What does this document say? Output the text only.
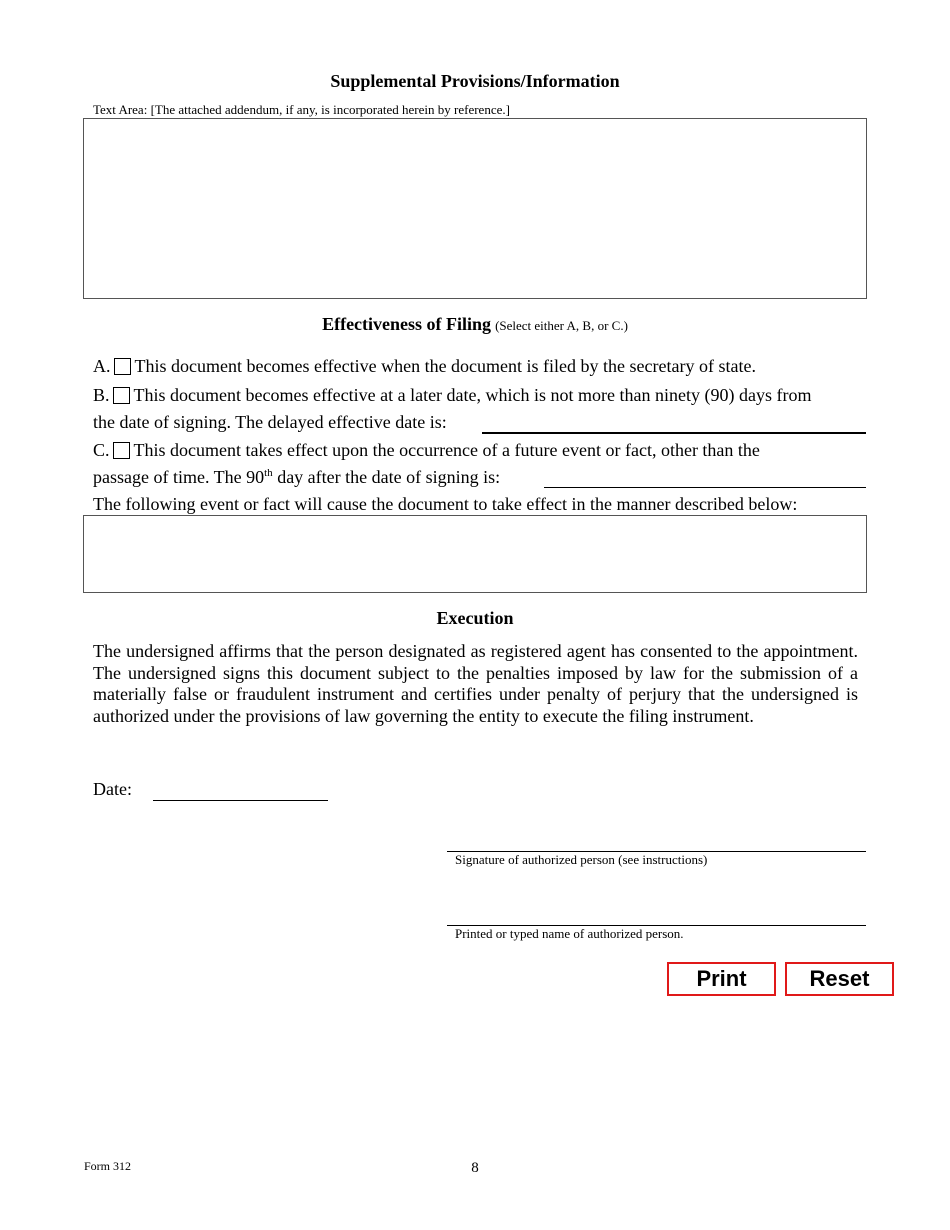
Supplemental Provisions/Information
Text Area: [The attached addendum, if any, is incorporated herein by reference.]
Effectiveness of Filing (Select either A, B, or C.)
A. This document becomes effective when the document is filed by the secretary of state.
B. This document becomes effective at a later date, which is not more than ninety (90) days from
the date of signing. The delayed effective date is:
C. This document takes effect upon the occurrence of a future event or fact, other than the
passage of time. The 90th day after the date of signing is:
The following event or fact will cause the document to take effect in the manner described below:
Execution
The undersigned affirms that the person designated as registered agent has consented to the appointment. The undersigned signs this document subject to the penalties imposed by law for the submission of a materially false or fraudulent instrument and certifies under penalty of perjury that the undersigned is authorized under the provisions of law governing the entity to execute the filing instrument.
Date:
Signature of authorized person (see instructions)
Printed or typed name of authorized person.
Print	Reset
Form 312	8
